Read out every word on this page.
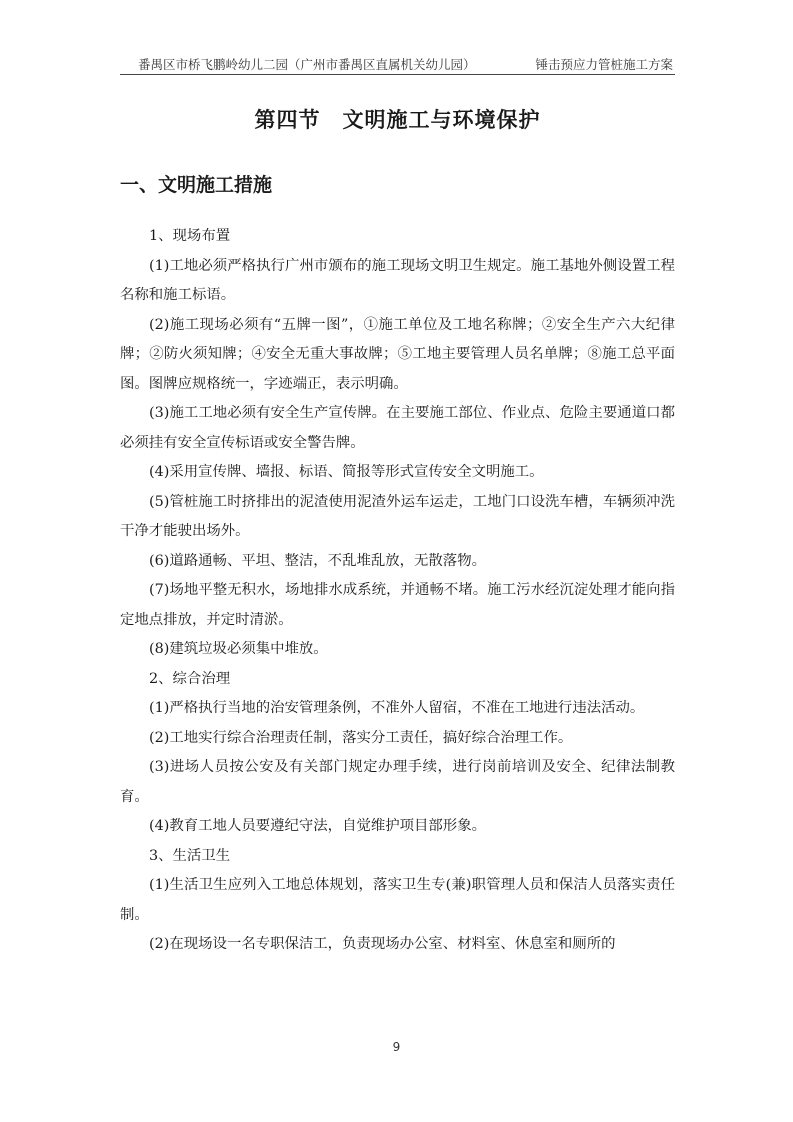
番禺区市桥飞鹏岭幼儿二园（广州市番禺区直属机关幼儿园）	锤击预应力管桩施工方案
第四节　文明施工与环境保护
一、文明施工措施

1、现场布置

(1)工地必须严格执行广州市颁布的施工现场文明卫生规定。施工基地外侧设置工程名称和施工标语。

(2)施工现场必须有“五牌一图”，①施工单位及工地名称牌；②安全生产六大纪律牌；②防火须知牌；④安全无重大事故牌；⑤工地主要管理人员名单牌；⑧施工总平面图。图牌应规格统一，字迹端正，表示明确。

(3)施工工地必须有安全生产宣传牌。在主要施工部位、作业点、危险主要通道口都必须挂有安全宣传标语或安全警告牌。

(4)采用宣传牌、墙报、标语、简报等形式宣传安全文明施工。

(5)管桩施工时挤排出的泥渣使用泥渣外运车运走，工地门口设洗车槽，车辆须冲洗干净才能驶出场外。

(6)道路通畅、平坦、整洁，不乱堆乱放，无散落物。

(7)场地平整无积水，场地排水成系统，并通畅不堵。施工污水经沉淀处理才能向指定地点排放，并定时清淤。

(8)建筑垃圾必须集中堆放。

2、综合治理

(1)严格执行当地的治安管理条例，不准外人留宿，不准在工地进行违法活动。

(2)工地实行综合治理责任制，落实分工责任，搞好综合治理工作。

(3)进场人员按公安及有关部门规定办理手续，进行岗前培训及安全、纪律法制教育。

(4)教育工地人员要遵纪守法，自觉维护项目部形象。

3、生活卫生

(1)生活卫生应列入工地总体规划，落实卫生专(兼)职管理人员和保洁人员落实责任制。

(2)在现场设一名专职保洁工，负责现场办公室、材料室、休息室和厕所的

9
